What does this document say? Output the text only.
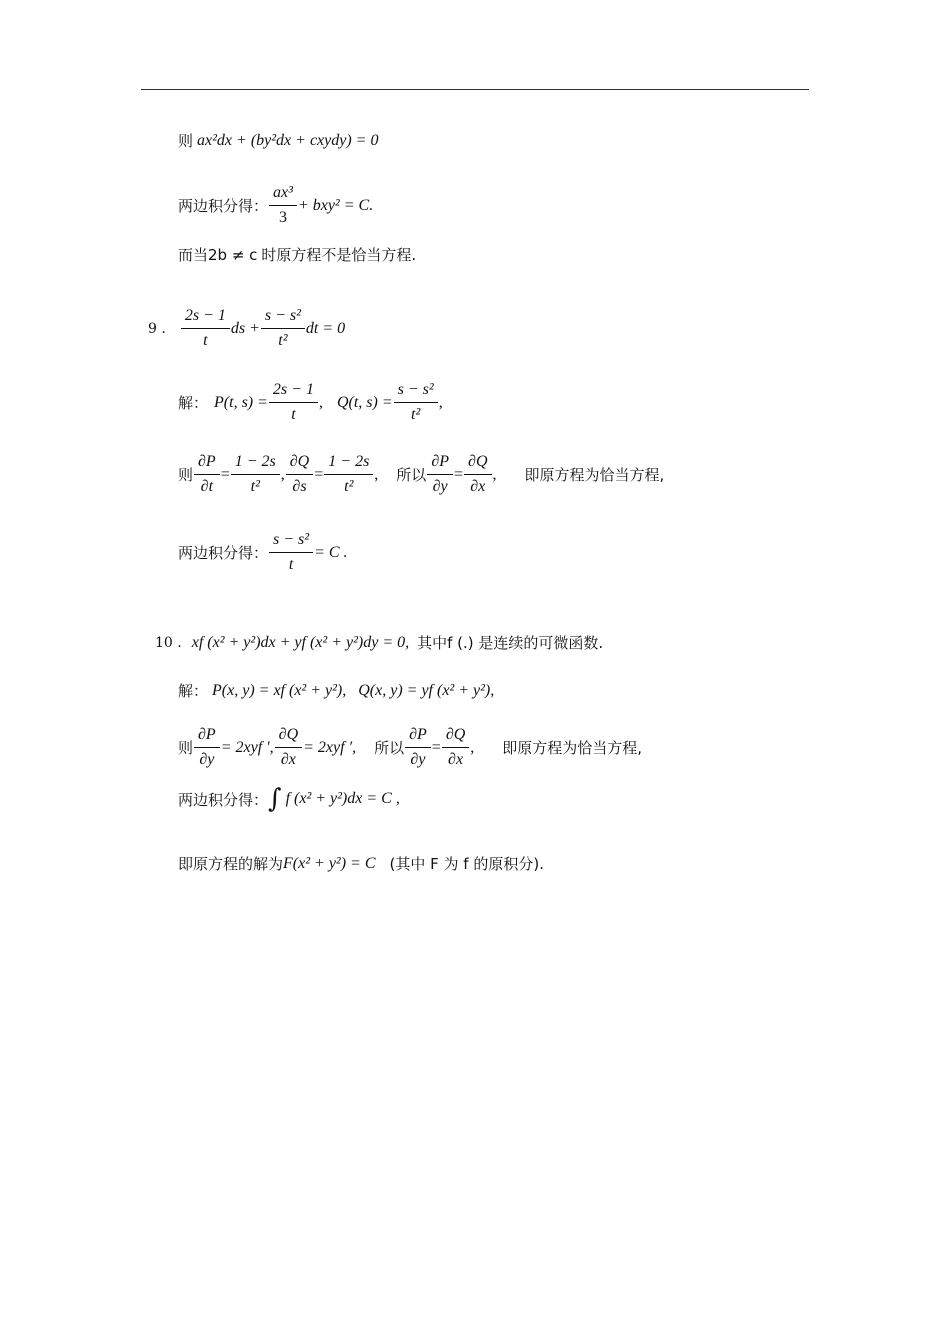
则 ax²dx + (by²dx + cxydy) = 0
两边积分得： $\frac{\text{ax³}}{3} + bxy^2 = C$.
而当2b ≠ c 时原方程不是恰当方程.
9 . $\frac{2s - 1}{t}$ ds + $\frac{\text{s − s²}}{\text{t²}}$ dt = 0
解： P(t, $s) = \frac{2s - 1}{t}$ , Q(t, $s) = \frac{\text{s − s²}}{\text{t²}}$ ,
则 $\frac{\partial P}{\partial t} = \frac{1 - 2s}{\text{t²}}$ , $\frac{\partial Q}{\partial s} = \frac{1 - 2s}{\text{t²}}$ , 所以 $\frac{\partial P}{\partial y} = \frac{\partial Q}{\partial x}$ , 即原方程为恰当方程,
两边积分得： $\frac{\text{s − s²}}{t} = C$ .
10 . xf (x² + y²)dx + yf (x² + y²)dy = 0, 其中f (.) 是连续的可微函数.
解： P(x, y) = xf (x² + y²),   Q(x, y) = yf (x² + y²),
则 $\frac{\partial P}{\partial y} = 2xyf$ ′, $\frac{\partial Q}{\partial x} = 2xyf$ ′, 所以 $\frac{\partial P}{\partial y} = \frac{\partial Q}{\partial x}$ , 即原方程为恰当方程,
两边积分得： ∫ f (x² + y²)dx = C ,
即原方程的解为 F(x² + y²) = C (其中 F 为 f 的原积分).
